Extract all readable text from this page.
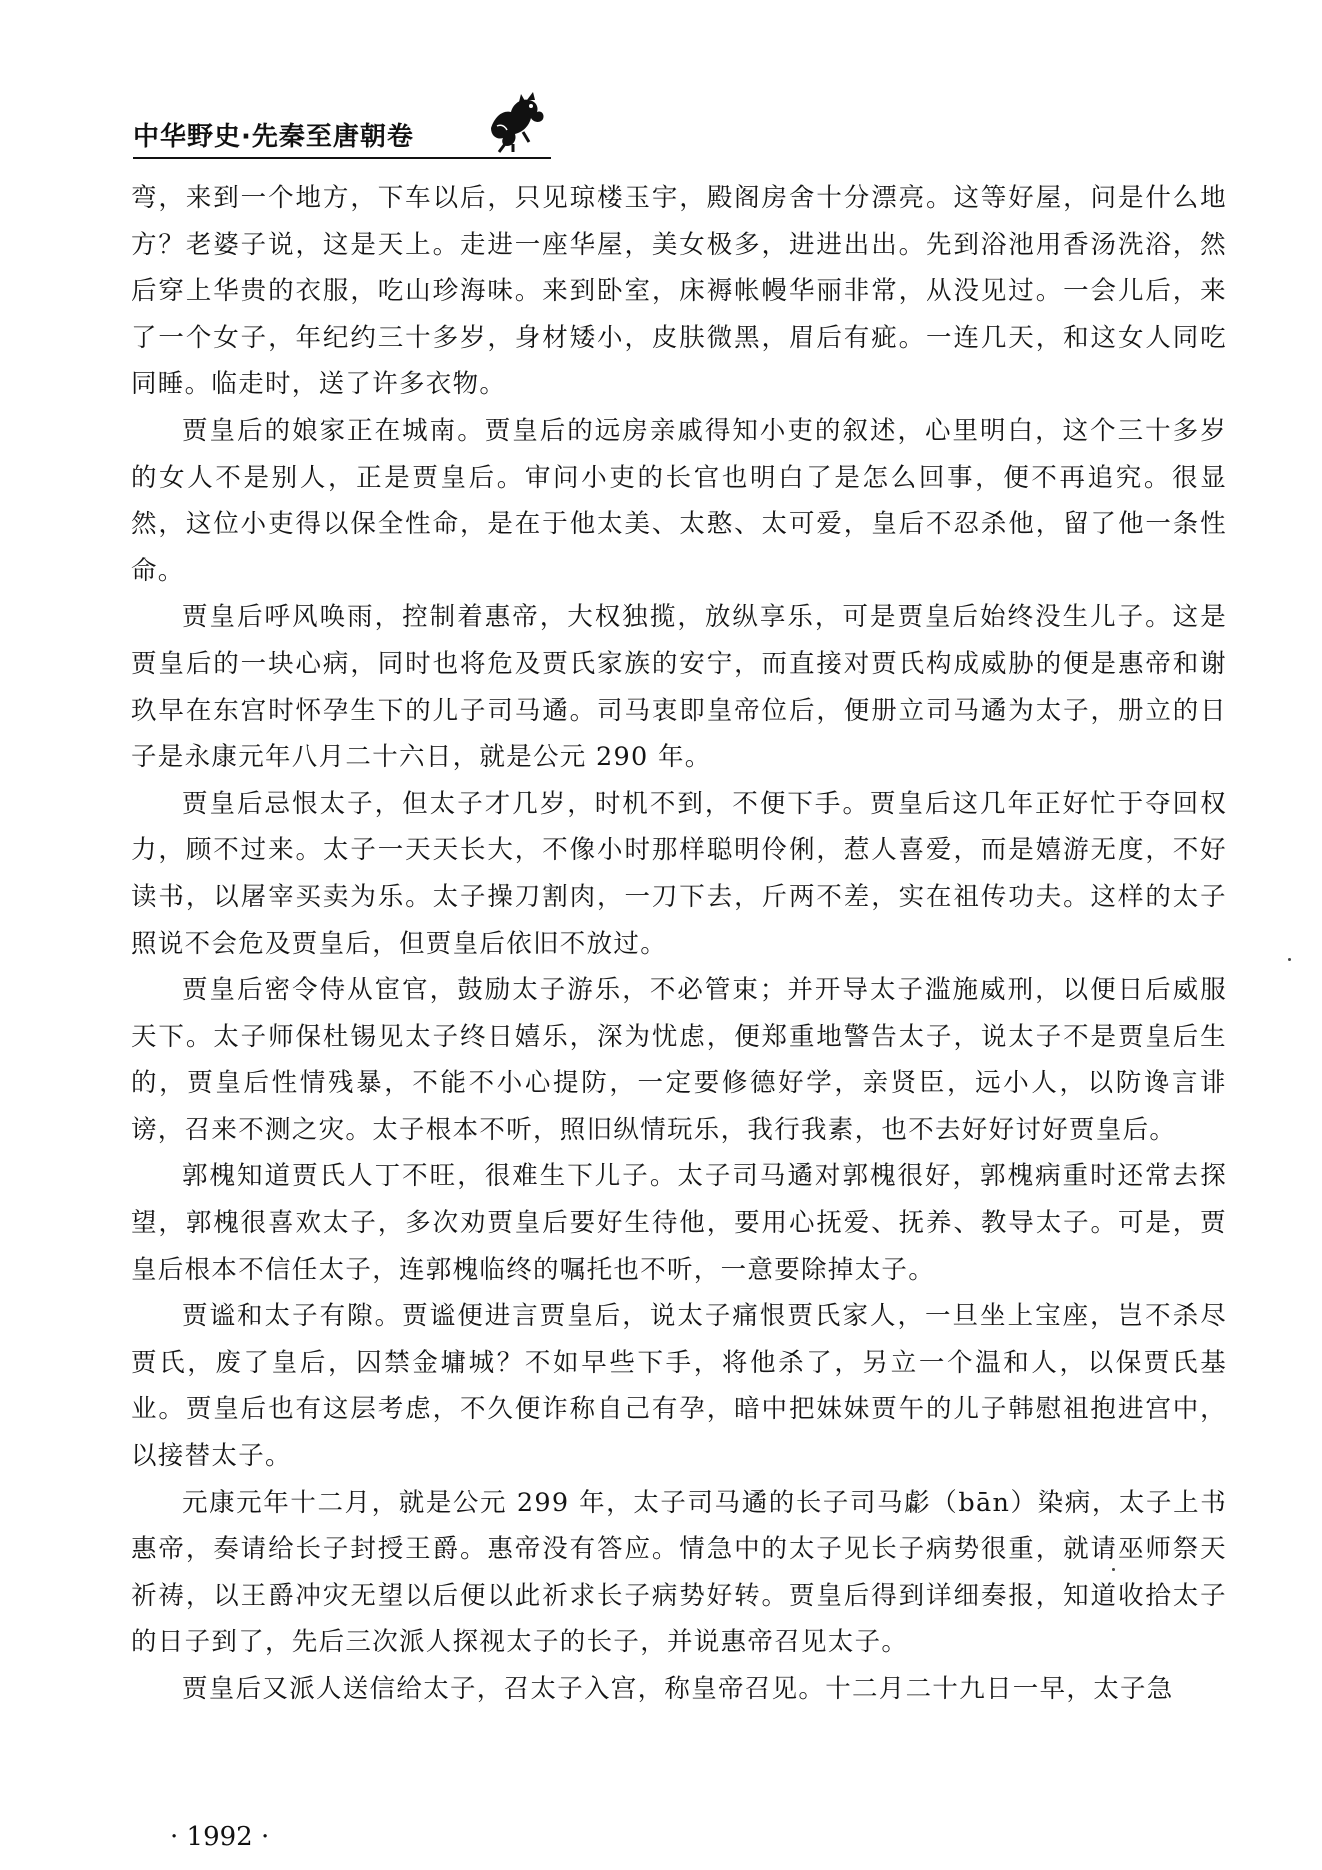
中华野史·先秦至唐朝卷

弯，来到一个地方，下车以后，只见琼楼玉宇，殿阁房舍十分漂亮。这等好屋，问是什么地方？老婆子说，这是天上。走进一座华屋，美女极多，进进出出。先到浴池用香汤洗浴，然后穿上华贵的衣服，吃山珍海味。来到卧室，床褥帐幔华丽非常，从没见过。一会儿后，来了一个女子，年纪约三十多岁，身材矮小，皮肤微黑，眉后有疵。一连几天，和这女人同吃同睡。临走时，送了许多衣物。

贾皇后的娘家正在城南。贾皇后的远房亲戚得知小吏的叙述，心里明白，这个三十多岁的女人不是别人，正是贾皇后。审问小吏的长官也明白了是怎么回事，便不再追究。很显然，这位小吏得以保全性命，是在于他太美、太憨、太可爱，皇后不忍杀他，留了他一条性命。

贾皇后呼风唤雨，控制着惠帝，大权独揽，放纵享乐，可是贾皇后始终没生儿子。这是贾皇后的一块心病，同时也将危及贾氏家族的安宁，而直接对贾氏构成威胁的便是惠帝和谢玖早在东宫时怀孕生下的儿子司马遹。司马衷即皇帝位后，便册立司马遹为太子，册立的日子是永康元年八月二十六日，就是公元 290 年。

贾皇后忌恨太子，但太子才几岁，时机不到，不便下手。贾皇后这几年正好忙于夺回权力，顾不过来。太子一天天长大，不像小时那样聪明伶俐，惹人喜爱，而是嬉游无度，不好读书，以屠宰买卖为乐。太子操刀割肉，一刀下去，斤两不差，实在祖传功夫。这样的太子照说不会危及贾皇后，但贾皇后依旧不放过。

贾皇后密令侍从宦官，鼓励太子游乐，不必管束；并开导太子滥施威刑，以便日后威服天下。太子师保杜锡见太子终日嬉乐，深为忧虑，便郑重地警告太子，说太子不是贾皇后生的，贾皇后性情残暴，不能不小心提防，一定要修德好学，亲贤臣，远小人，以防谗言诽谤，召来不测之灾。太子根本不听，照旧纵情玩乐，我行我素，也不去好好讨好贾皇后。

郭槐知道贾氏人丁不旺，很难生下儿子。太子司马遹对郭槐很好，郭槐病重时还常去探望，郭槐很喜欢太子，多次劝贾皇后要好生待他，要用心抚爱、抚养、教导太子。可是，贾皇后根本不信任太子，连郭槐临终的嘱托也不听，一意要除掉太子。

贾谧和太子有隙。贾谧便进言贾皇后，说太子痛恨贾氏家人，一旦坐上宝座，岂不杀尽贾氏，废了皇后，囚禁金墉城？不如早些下手，将他杀了，另立一个温和人，以保贾氏基业。贾皇后也有这层考虑，不久便诈称自己有孕，暗中把妹妹贾午的儿子韩慰祖抱进宫中，以接替太子。

元康元年十二月，就是公元 299 年，太子司马遹的长子司马虨（bān）染病，太子上书惠帝，奏请给长子封授王爵。惠帝没有答应。情急中的太子见长子病势很重，就请巫师祭天祈祷，以王爵冲灾无望以后便以此祈求长子病势好转。贾皇后得到详细奏报，知道收拾太子的日子到了，先后三次派人探视太子的长子，并说惠帝召见太子。

贾皇后又派人送信给太子，召太子入宫，称皇帝召见。十二月二十九日一早，太子急

· 1992 ·
